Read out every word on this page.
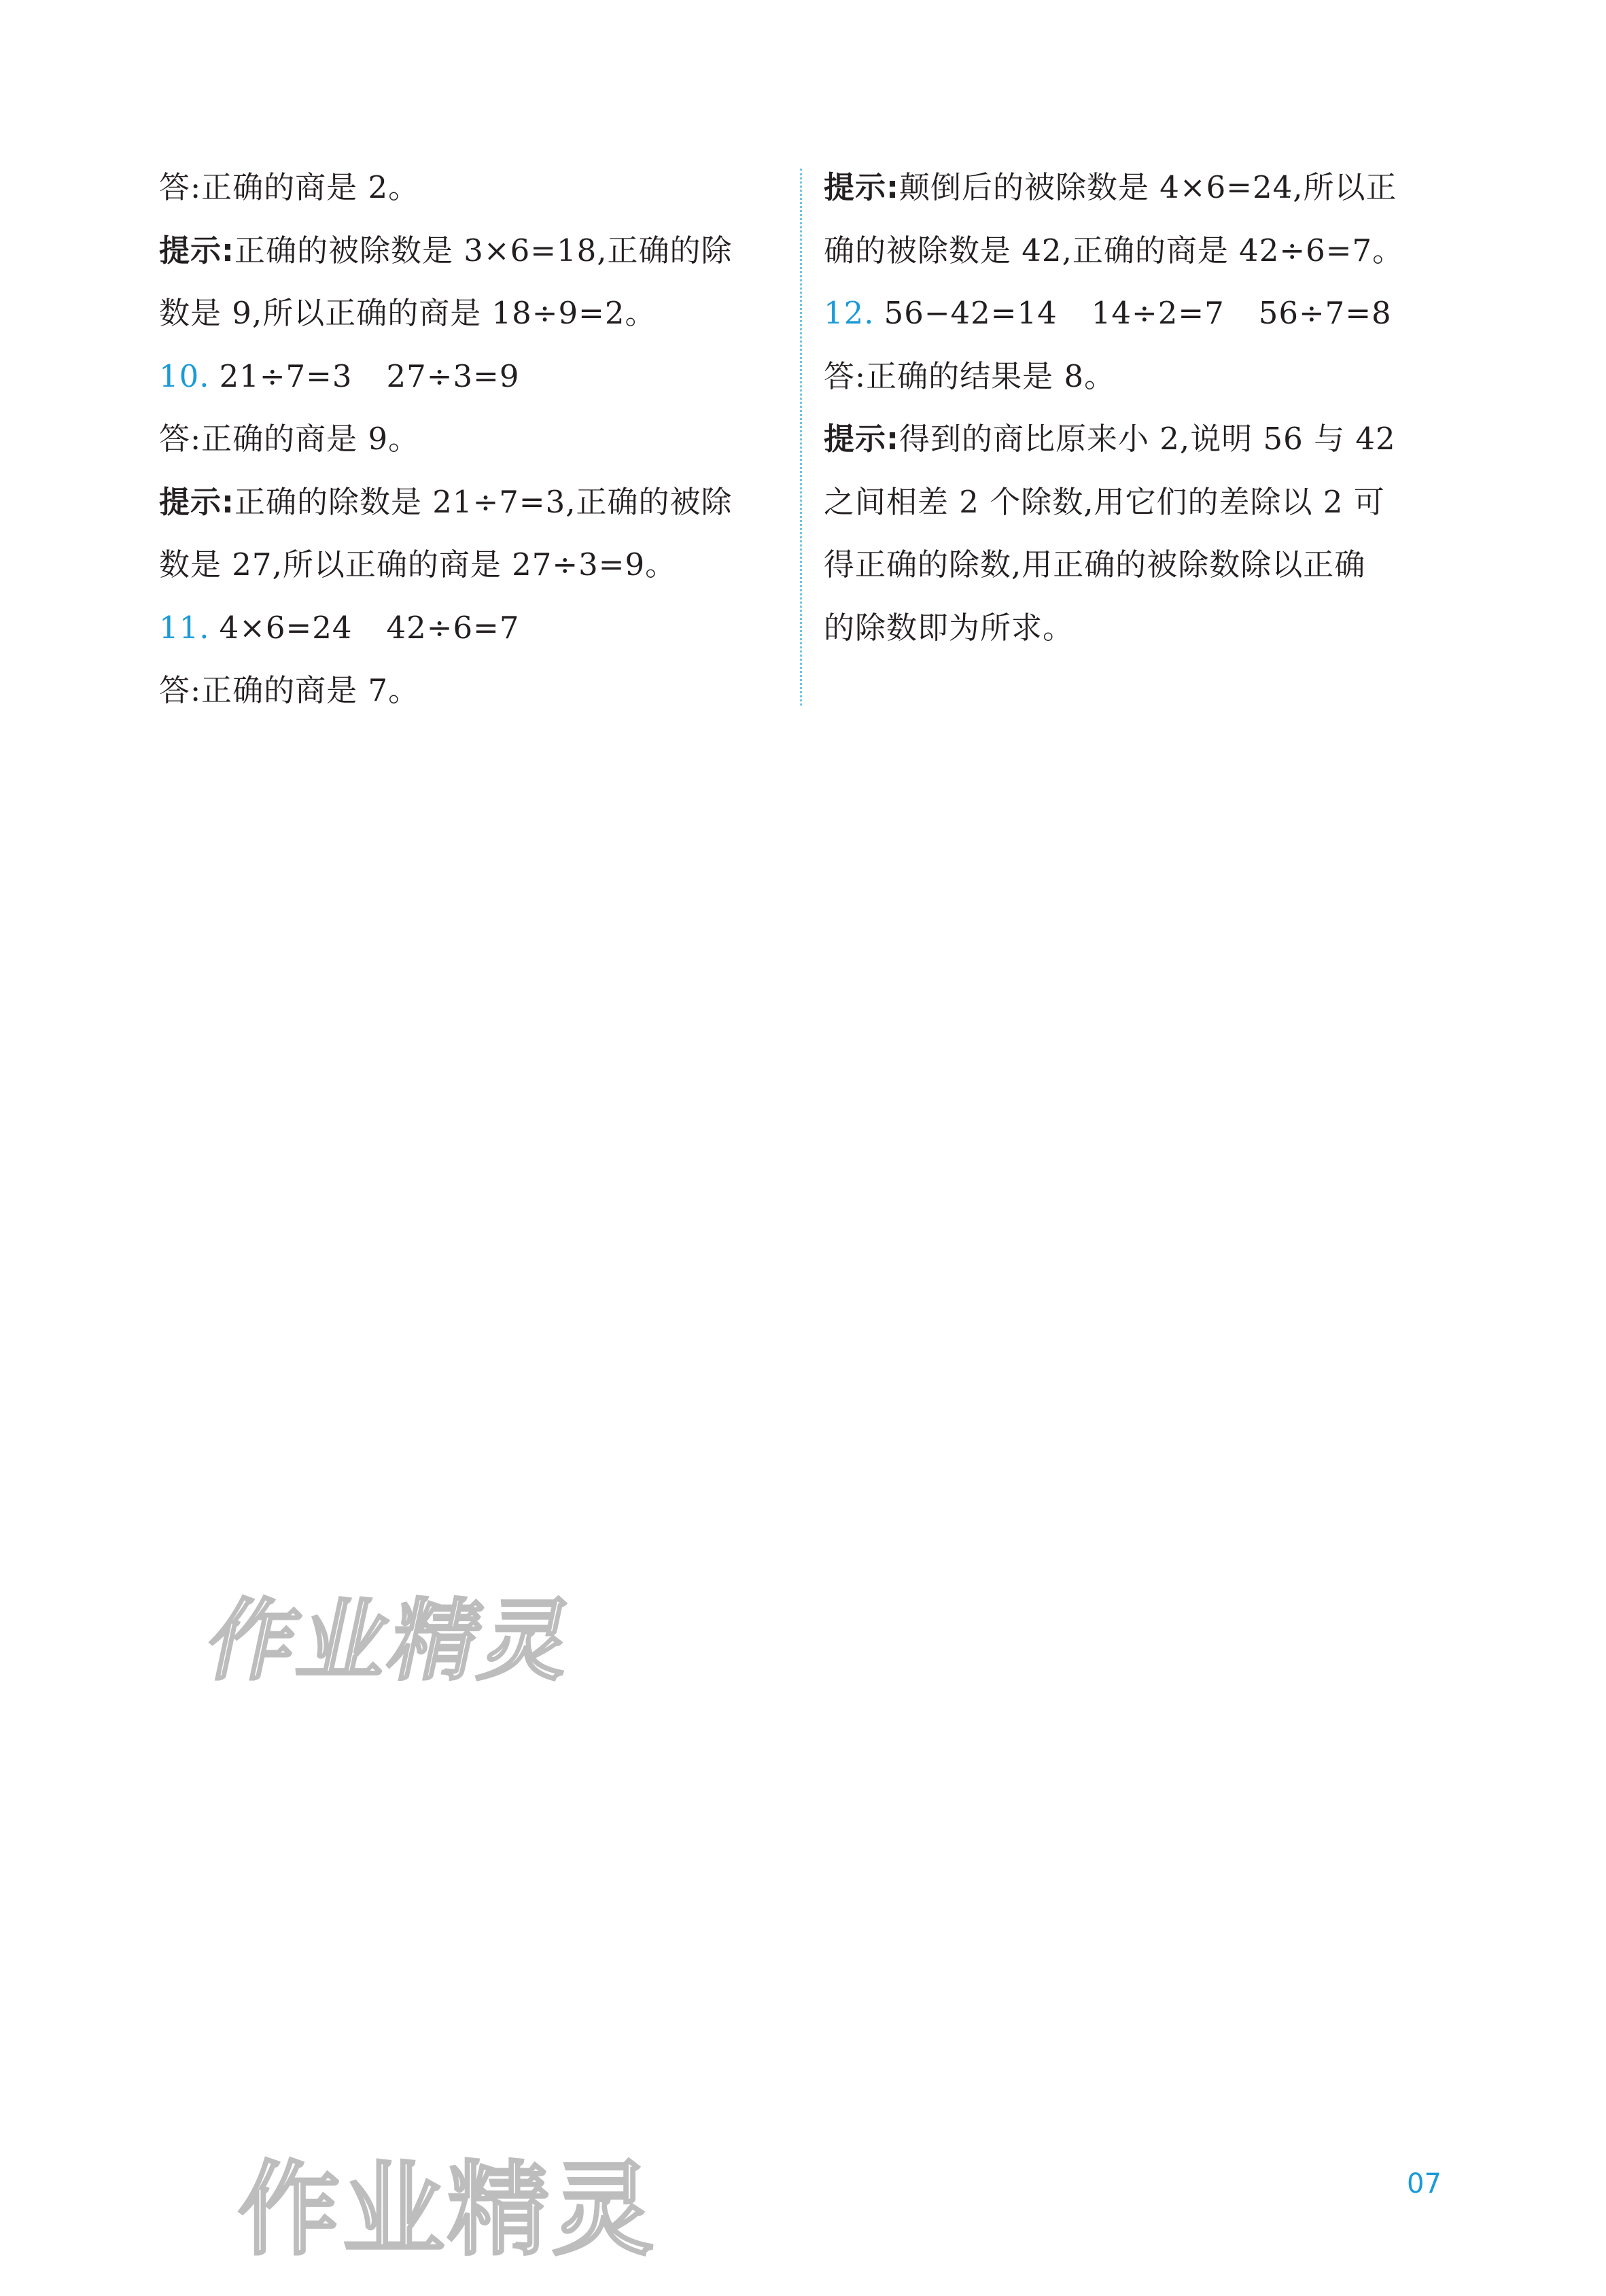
答:正确的商是 2。
提示:正确的被除数是 3×6=18,正确的除
数是 9,所以正确的商是 18÷9=2。
10. 21÷7=3 27÷3=9
答:正确的商是 9。
提示:正确的除数是 21÷7=3,正确的被除
数是 27,所以正确的商是 27÷3=9。
11. 4×6=24 42÷6=7
答:正确的商是 7。
提示:颠倒后的被除数是 4×6=24,所以正
确的被除数是 42,正确的商是 42÷6=7。
12. 56−42=14 14÷2=7 56÷7=8
答:正确的结果是 8。
提示:得到的商比原来小 2,说明 56 与 42
之间相差 2 个除数,用它们的差除以 2 可
得正确的除数,用正确的被除数除以正确
的除数即为所求。
作业精灵
作业精灵	07
